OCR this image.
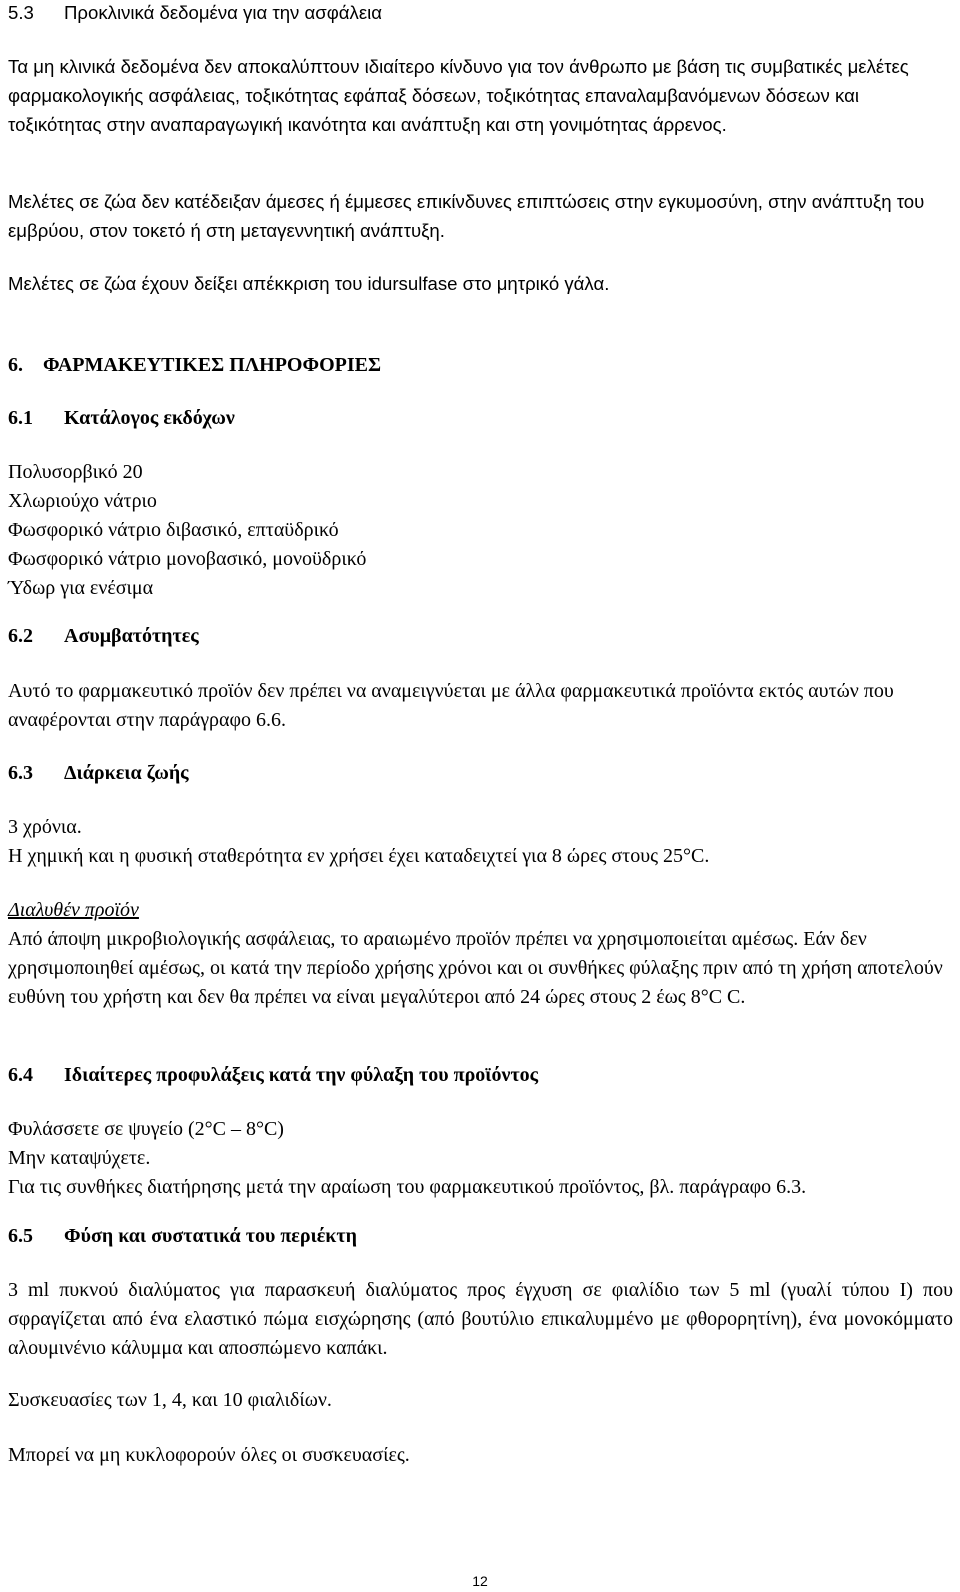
5.3 Προκλινικά δεδομένα για την ασφάλεια

Τα μη κλινικά δεδομένα δεν αποκαλύπτουν ιδιαίτερο κίνδυνο για τον άνθρωπο με βάση τις συμβατικές μελέτες φαρμακολογικής ασφάλειας, τοξικότητας εφάπαξ δόσεων, τοξικότητας επαναλαμβανόμενων δόσεων και τοξικότητας στην αναπαραγωγική ικανότητα και ανάπτυξη και στη γονιμότητας άρρενος.

Μελέτες σε ζώα δεν κατέδειξαν άμεσες ή έμμεσες επικίνδυνες επιπτώσεις στην εγκυμοσύνη, στην ανάπτυξη του εμβρύου, στον τοκετό ή στη μεταγεννητική ανάπτυξη.

Μελέτες σε ζώα έχουν δείξει απέκκριση του idursulfase στο μητρικό γάλα.

6.    ΦΑΡΜΑΚΕΥΤΙΚΕΣ ΠΛΗΡΟΦΟΡΙΕΣ
6.1 Κατάλογος εκδόχων

Πολυσορβικό 20

Χλωριούχο νάτριο

Φωσφορικό νάτριο διβασικό, επταϋδρικό

Φωσφορικό νάτριο μονοβασικό, μονοϋδρικό

Ύδωρ για ενέσιμα

6.2 Ασυμβατότητες

Αυτό το φαρμακευτικό προϊόν δεν πρέπει να αναμειγνύεται με άλλα φαρμακευτικά προϊόντα εκτός αυτών που αναφέρονται στην παράγραφο 6.6.

6.3 Διάρκεια ζωής

3 χρόνια.

Η χημική και η φυσική σταθερότητα εν χρήσει έχει καταδειχτεί για 8 ώρες στους 25°C.

Διαλυθέν προϊόν

Από άποψη μικροβιολογικής ασφάλειας, το αραιωμένο προϊόν πρέπει να χρησιμοποιείται αμέσως. Εάν δεν χρησιμοποιηθεί αμέσως, οι κατά την περίοδο χρήσης χρόνοι και οι συνθήκες φύλαξης πριν από τη χρήση αποτελούν ευθύνη του χρήστη και δεν θα πρέπει να είναι μεγαλύτεροι από 24 ώρες στους 2 έως 8°C C.

6.4 Ιδιαίτερες προφυλάξεις κατά την φύλαξη του προϊόντος

Φυλάσσετε σε ψυγείο (2°C – 8°C)

Μην καταψύχετε.

Για τις συνθήκες διατήρησης μετά την αραίωση του φαρμακευτικού προϊόντος, βλ. παράγραφο 6.3.

6.5 Φύση και συστατικά του περιέκτη

3 ml πυκνού διαλύματος για παρασκευή διαλύματος προς έγχυση σε φιαλίδιο των 5 ml (γυαλί τύπου I) που σφραγίζεται από ένα ελαστικό πώμα εισχώρησης (από βουτύλιο επικαλυμμένο με φθορορητίνη), ένα μονοκόμματο αλουμινένιο κάλυμμα και αποσπώμενο καπάκι.

Συσκευασίες των 1, 4, και 10 φιαλιδίων.

Μπορεί να μη κυκλοφορούν όλες οι συσκευασίες.

12
